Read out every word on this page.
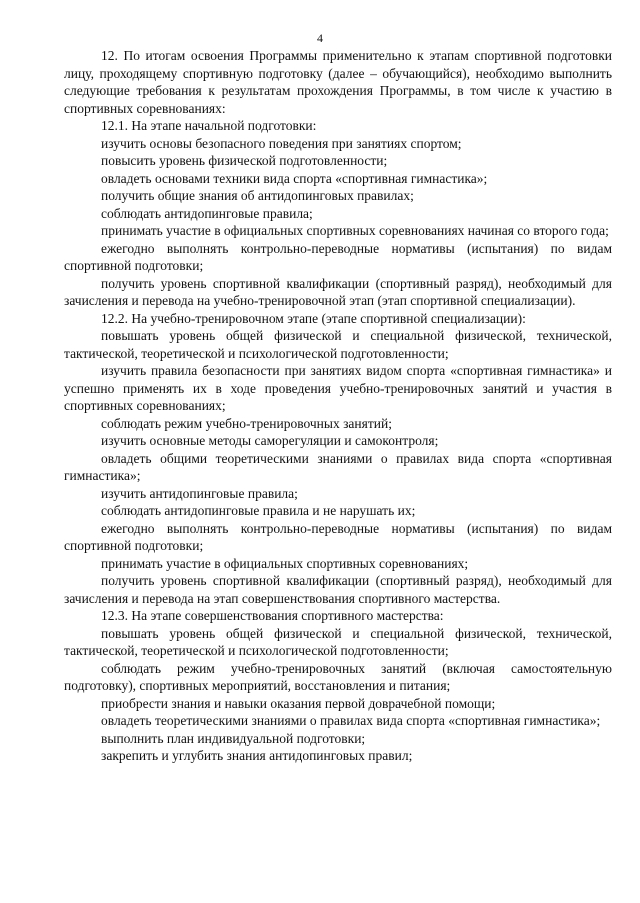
4

12. По итогам освоения Программы применительно к этапам спортивной подготовки лицу, проходящему спортивную подготовку (далее – обучающийся), необходимо выполнить следующие требования к результатам прохождения Программы, в том числе к участию в спортивных соревнованиях:

12.1. На этапе начальной подготовки:

изучить основы безопасного поведения при занятиях спортом;

повысить уровень физической подготовленности;

овладеть основами техники вида спорта «спортивная гимнастика»;

получить общие знания об антидопинговых правилах;

соблюдать антидопинговые правила;

принимать участие в официальных спортивных соревнованиях начиная со второго года;

ежегодно выполнять контрольно-переводные нормативы (испытания) по видам спортивной подготовки;

получить уровень спортивной квалификации (спортивный разряд), необходимый для зачисления и перевода на учебно-тренировочной этап (этап спортивной специализации).

12.2. На учебно-тренировочном этапе (этапе спортивной специализации):

повышать уровень общей физической и специальной физической, технической, тактической, теоретической и психологической подготовленности;

изучить правила безопасности при занятиях видом спорта «спортивная гимнастика» и успешно применять их в ходе проведения учебно-тренировочных занятий и участия в спортивных соревнованиях;

соблюдать режим учебно-тренировочных занятий;

изучить основные методы саморегуляции и самоконтроля;

овладеть общими теоретическими знаниями о правилах вида спорта «спортивная гимнастика»;

изучить антидопинговые правила;

соблюдать антидопинговые правила и не нарушать их;

ежегодно выполнять контрольно-переводные нормативы (испытания) по видам спортивной подготовки;

принимать участие в официальных спортивных соревнованиях;

получить уровень спортивной квалификации (спортивный разряд), необходимый для зачисления и перевода на этап совершенствования спортивного мастерства.

12.3. На этапе совершенствования спортивного мастерства:

повышать уровень общей физической и специальной физической, технической, тактической, теоретической и психологической подготовленности;

соблюдать режим учебно-тренировочных занятий (включая самостоятельную подготовку), спортивных мероприятий, восстановления и питания;

приобрести знания и навыки оказания первой доврачебной помощи;

овладеть теоретическими знаниями о правилах вида спорта «спортивная гимнастика»;

выполнить план индивидуальной подготовки;

закрепить и углубить знания антидопинговых правил;
